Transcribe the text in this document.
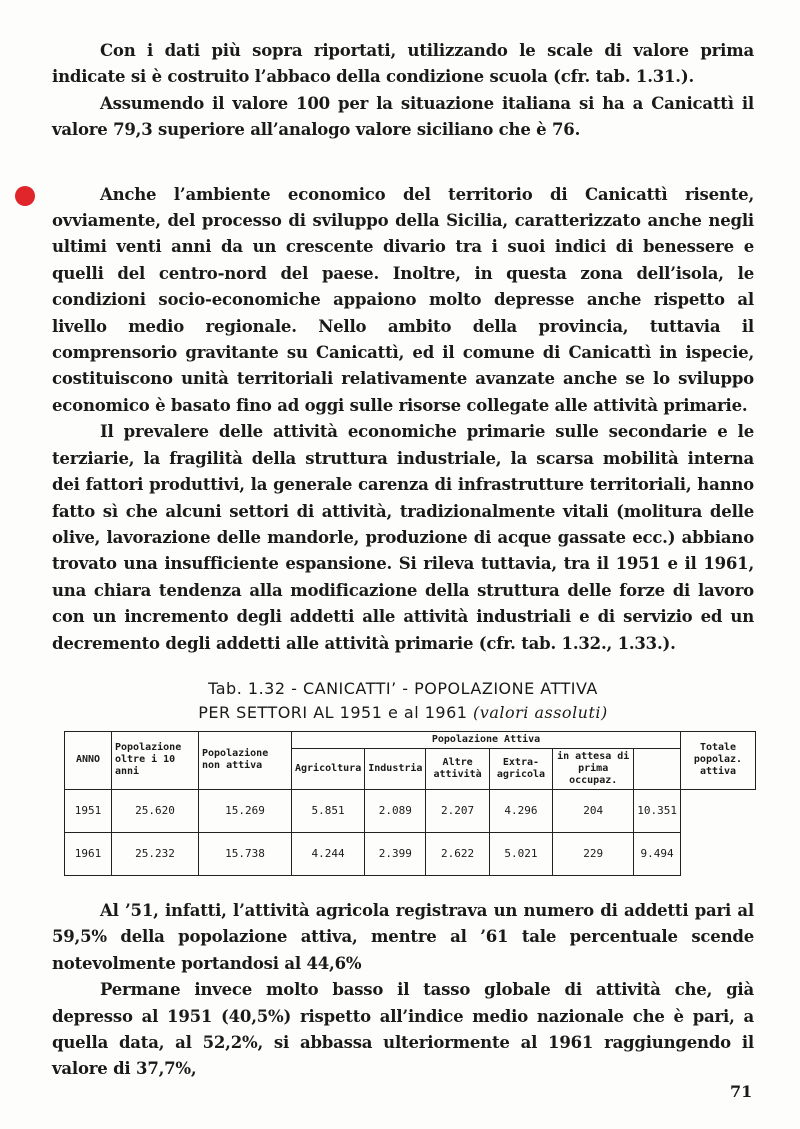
Con i dati più sopra riportati, utilizzando le scale di valore prima indicate si è costruito l’abbaco della condizione scuola (cfr. tab. 1.31.).

Assumendo il valore 100 per la situazione italiana si ha a Canicattì il valore 79,3 superiore all’analogo valore siciliano che è 76.

Anche l’ambiente economico del territorio di Canicattì risente, ovviamente, del processo di sviluppo della Sicilia, caratterizzato anche negli ultimi venti anni da un crescente divario tra i suoi indici di benessere e quelli del centro-nord del paese. Inoltre, in questa zona dell’isola, le condizioni socio-economiche appaiono molto depresse anche rispetto al livello medio regionale. Nello ambito della provincia, tuttavia il comprensorio gravitante su Canicattì, ed il comune di Canicattì in ispecie, costituiscono unità territoriali relativamente avanzate anche se lo sviluppo economico è basato fino ad oggi sulle risorse collegate alle attività primarie.

Il prevalere delle attività economiche primarie sulle secondarie e le terziarie, la fragilità della struttura industriale, la scarsa mobilità interna dei fattori produttivi, la generale carenza di infrastrutture territoriali, hanno fatto sì che alcuni settori di attività, tradizionalmente vitali (molitura delle olive, lavorazione delle mandorle, produzione di acque gassate ecc.) abbiano trovato una insufficiente espansione. Si rileva tuttavia, tra il 1951 e il 1961, una chiara tendenza alla modificazione della struttura delle forze di lavoro con un incremento degli addetti alle attività industriali e di servizio ed un decremento degli addetti alle attività primarie (cfr. tab. 1.32., 1.33.).

Tab. 1.32 - CANICATTI’ - POPOLAZIONE ATTIVA
PER SETTORI AL 1951 e al 1961 (valori assoluti)
ANNO	Popolazione oltre i 10 anni	Popolazione non attiva	Popolazione Attiva						Totale popolaz. attiva
			Agricoltura	Industria	Altre attività	Extra-agricola	in attesa di prima occupaz.		
1951	25.620	15.269	5.851	2.089	2.207	4.296	204	10.351	
1961	25.232	15.738	4.244	2.399	2.622	5.021	229	9.494	

Al ’51, infatti, l’attività agricola registrava un numero di addetti pari al 59,5% della popolazione attiva, mentre al ’61 tale percentuale scende notevolmente portandosi al 44,6%

Permane invece molto basso il tasso globale di attività che, già depresso al 1951 (40,5%) rispetto all’indice medio nazionale che è pari, a quella data, al 52,2%, si abbassa ulteriormente al 1961 raggiungendo il valore di 37,7%,

71
